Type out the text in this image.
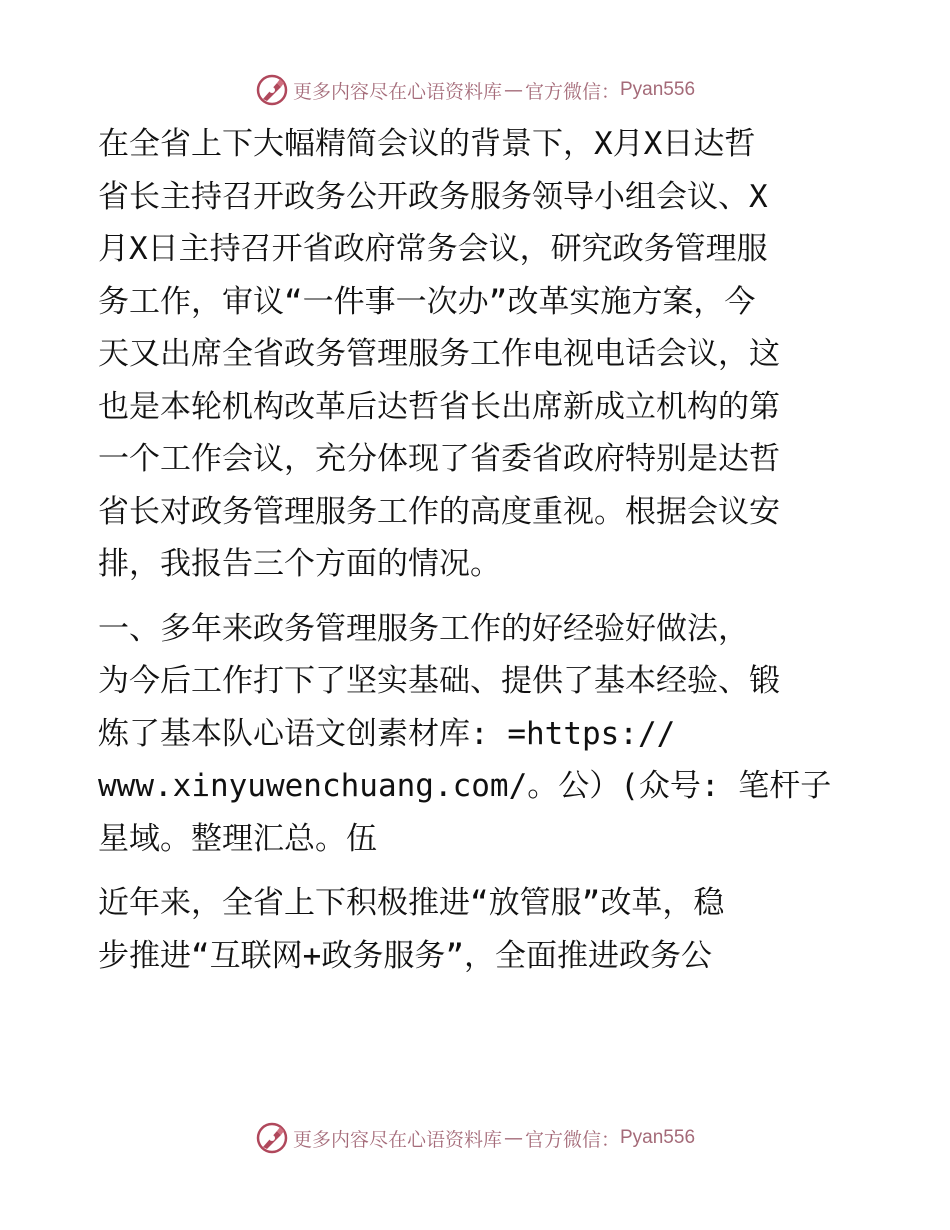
更多内容尽在心语资料库 — 官方微信： Pyan556
在全省上下大幅精简会议的背景下，X月X日达哲
省长主持召开政务公开政务服务领导小组会议、X
月X日主持召开省政府常务会议，研究政务管理服
务工作，审议“一件事一次办”改革实施方案，今
天又出席全省政务管理服务工作电视电话会议，这
也是本轮机构改革后达哲省长出席新成立机构的第
一个工作会议，充分体现了省委省政府特别是达哲
省长对政务管理服务工作的高度重视。根据会议安
排，我报告三个方面的情况。
一、多年来政务管理服务工作的好经验好做法，
为今后工作打下了坚实基础、提供了基本经验、锻
炼了基本队心语文创素材库: =https://
www.xinyuwenchuang.com/。公）(众号: 笔杆子
星域。整理汇总。伍
近年来，全省上下积极推进“放管服”改革，稳
步推进“互联网+政务服务”，全面推进政务公
更多内容尽在心语资料库 — 官方微信： Pyan556
